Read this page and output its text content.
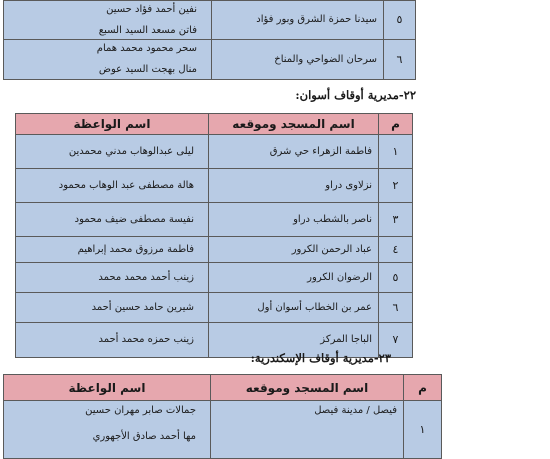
٥	سيدنا حمزة الشرق وبور فؤاد	نفين أحمد فؤاد حسين
فاتن مسعد السيد السبع

٦	سرحان الضواحي والمناخ	سحر محمود محمد همام
منال بهجت السيد عوض
٢٢-مديرية أوقاف أسوان:
م	اسم المسجد وموقعه	اسم الواعظة
١	فاطمة الزهراء حي شرق	ليلى عبدالوهاب مدني محمدين
٢	نزلاوى دراو	هالة مصطفى عبد الوهاب محمود
٣	ناصر بالشطب دراو	نفيسة مصطفى ضيف محمود
٤	عباد الرحمن الكرور	فاطمة مرزوق محمد إبراهيم
٥	الرضوان الكرور	زينب أحمد محمد محمد
٦	عمر بن الخطاب أسوان أول	شيرين حامد حسين أحمد
٧	الباجا المركز	زينب حمزه محمد أحمد
٢٣-مديرية أوقاف الإسكندرية:
م	اسم المسجد وموقعه	اسم الواعظة
١	فيصل / مدينة فيصل	جمالات صابر مهران حسين
مها أحمد صادق الأجهوري
